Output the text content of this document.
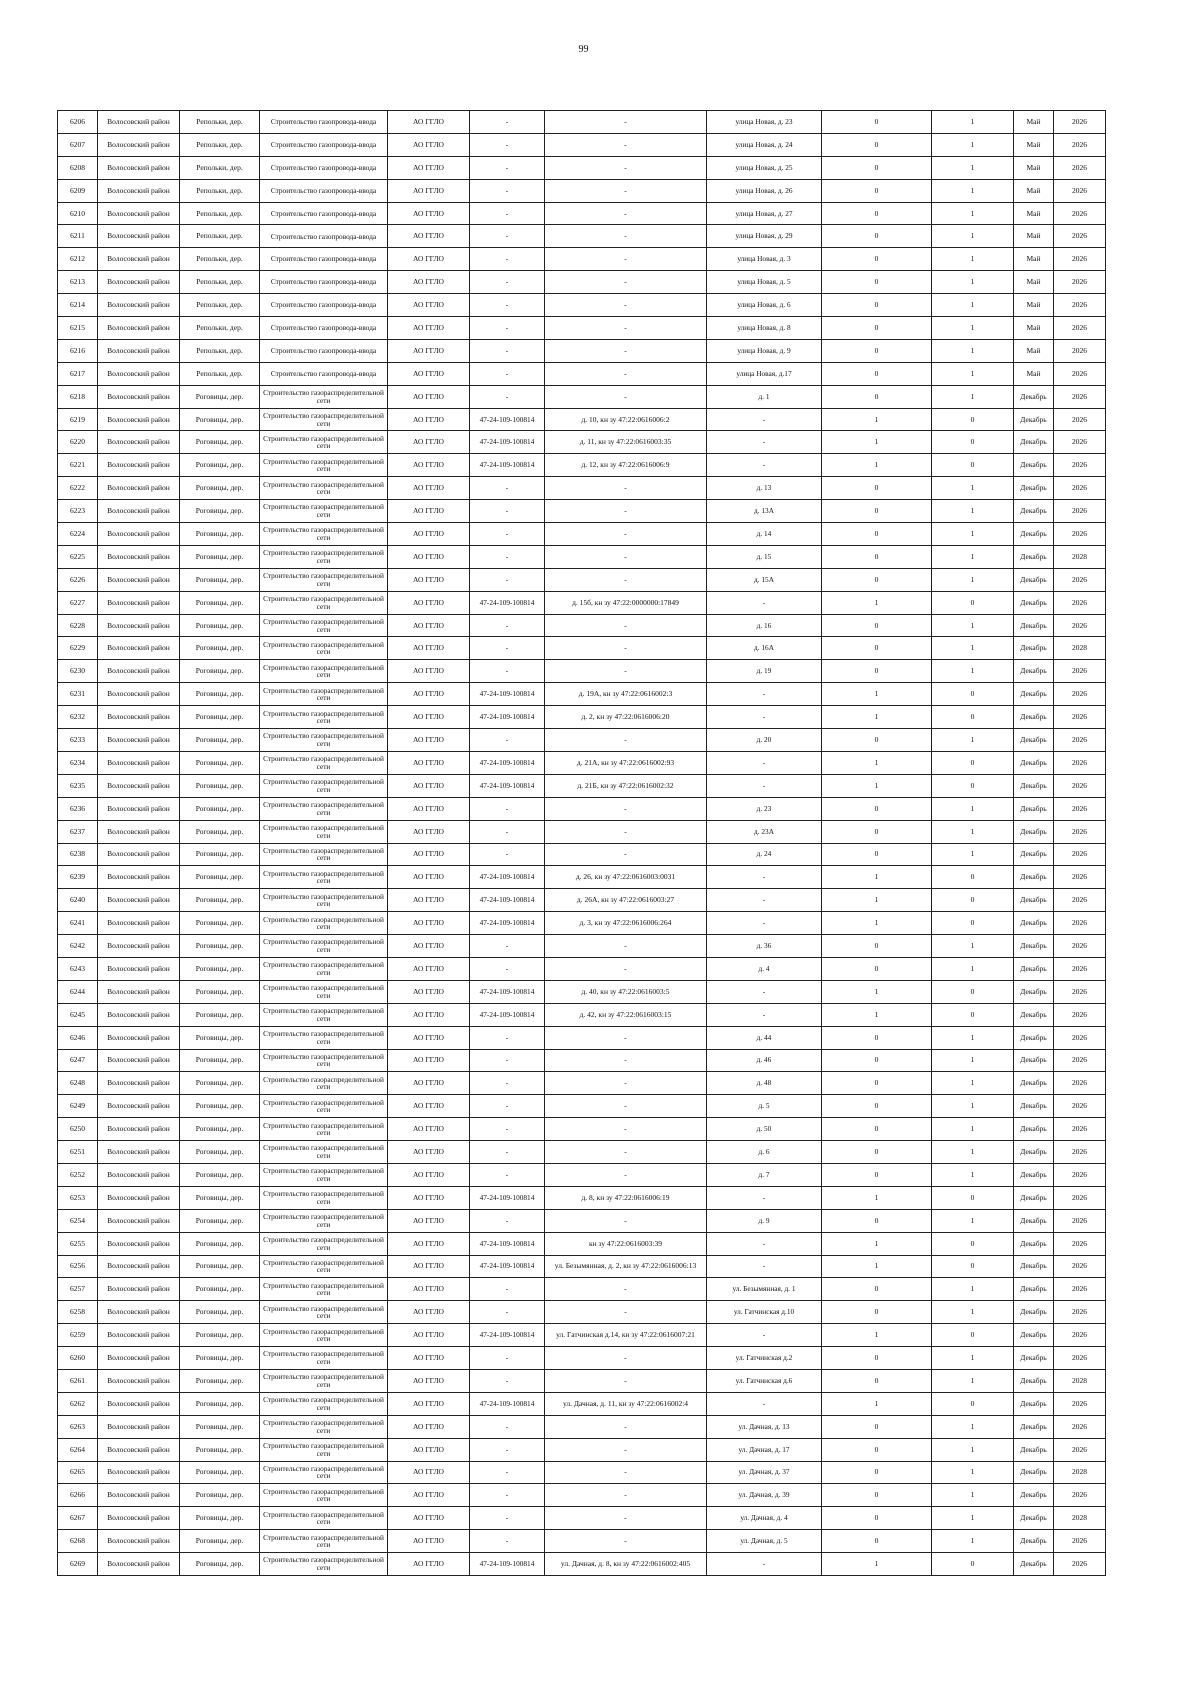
99
6206	Волосовский район	Репольки, дер.	Строительство газопровода-ввода	АО ГГЛО	-	-	улица Новая, д. 23	0	1	Май	2026
6207	Волосовский район	Репольки, дер.	Строительство газопровода-ввода	АО ГГЛО	-	-	улица Новая, д. 24	0	1	Май	2026
6208	Волосовский район	Репольки, дер.	Строительство газопровода-ввода	АО ГГЛО	-	-	улица Новая, д. 25	0	1	Май	2026
6209	Волосовский район	Репольки, дер.	Строительство газопровода-ввода	АО ГГЛО	-	-	улица Новая, д. 26	0	1	Май	2026
6210	Волосовский район	Репольки, дер.	Строительство газопровода-ввода	АО ГГЛО	-	-	улица Новая, д. 27	0	1	Май	2026
6211	Волосовский район	Репольки, дер.	Строительство газопровода-ввода	АО ГГЛО	-	-	улица Новая, д. 29	0	1	Май	2026
6212	Волосовский район	Репольки, дер.	Строительство газопровода-ввода	АО ГГЛО	-	-	улица Новая, д. 3	0	1	Май	2026
6213	Волосовский район	Репольки, дер.	Строительство газопровода-ввода	АО ГГЛО	-	-	улица Новая, д. 5	0	1	Май	2026
6214	Волосовский район	Репольки, дер.	Строительство газопровода-ввода	АО ГГЛО	-	-	улица Новая, д. 6	0	1	Май	2026
6215	Волосовский район	Репольки, дер.	Строительство газопровода-ввода	АО ГГЛО	-	-	улица Новая, д. 8	0	1	Май	2026
6216	Волосовский район	Репольки, дер.	Строительство газопровода-ввода	АО ГГЛО	-	-	улица Новая, д. 9	0	1	Май	2026
6217	Волосовский район	Репольки, дер.	Строительство газопровода-ввода	АО ГГЛО	-	-	улица Новая, д.17	0	1	Май	2026
6218	Волосовский район	Роговицы, дер.	Строительство газораспределительной сети	АО ГГЛО	-	-	д. 1	0	1	Декабрь	2026
6219	Волосовский район	Роговицы, дер.	Строительство газораспределительной сети	АО ГГЛО	47-24-109-100814	д. 10, кн зу 47:22:0616006:2	-	1	0	Декабрь	2026
6220	Волосовский район	Роговицы, дер.	Строительство газораспределительной сети	АО ГГЛО	47-24-109-100814	д. 11, кн зу 47:22:0616003:35	-	1	0	Декабрь	2026
6221	Волосовский район	Роговицы, дер.	Строительство газораспределительной сети	АО ГГЛО	47-24-109-100814	д. 12, кн зу 47:22:0616006:9	-	1	0	Декабрь	2026
6222	Волосовский район	Роговицы, дер.	Строительство газораспределительной сети	АО ГГЛО	-	-	д. 13	0	1	Декабрь	2026
6223	Волосовский район	Роговицы, дер.	Строительство газораспределительной сети	АО ГГЛО	-	-	д. 13А	0	1	Декабрь	2026
6224	Волосовский район	Роговицы, дер.	Строительство газораспределительной сети	АО ГГЛО	-	-	д. 14	0	1	Декабрь	2026
6225	Волосовский район	Роговицы, дер.	Строительство газораспределительной сети	АО ГГЛО	-	-	д. 15	0	1	Декабрь	2028
6226	Волосовский район	Роговицы, дер.	Строительство газораспределительной сети	АО ГГЛО	-	-	д. 15А	0	1	Декабрь	2026
6227	Волосовский район	Роговицы, дер.	Строительство газораспределительной сети	АО ГГЛО	47-24-109-100814	д. 15б, кн зу 47:22:0000000:17849	-	1	0	Декабрь	2026
6228	Волосовский район	Роговицы, дер.	Строительство газораспределительной сети	АО ГГЛО	-	-	д. 16	0	1	Декабрь	2026
6229	Волосовский район	Роговицы, дер.	Строительство газораспределительной сети	АО ГГЛО	-	-	д. 16А	0	1	Декабрь	2028
6230	Волосовский район	Роговицы, дер.	Строительство газораспределительной сети	АО ГГЛО	-	-	д. 19	0	1	Декабрь	2026
6231	Волосовский район	Роговицы, дер.	Строительство газораспределительной сети	АО ГГЛО	47-24-109-100814	д. 19А, кн зу 47:22:0616002:3	-	1	0	Декабрь	2026
6232	Волосовский район	Роговицы, дер.	Строительство газораспределительной сети	АО ГГЛО	47-24-109-100814	д. 2, кн зу 47:22:0616006:20	-	1	0	Декабрь	2026
6233	Волосовский район	Роговицы, дер.	Строительство газораспределительной сети	АО ГГЛО	-	-	д. 20	0	1	Декабрь	2026
6234	Волосовский район	Роговицы, дер.	Строительство газораспределительной сети	АО ГГЛО	47-24-109-100814	д. 21А, кн зу 47:22:0616002:93	-	1	0	Декабрь	2026
6235	Волосовский район	Роговицы, дер.	Строительство газораспределительной сети	АО ГГЛО	47-24-109-100814	д. 21Б, кн зу 47:22:0616002:32	-	1	0	Декабрь	2026
6236	Волосовский район	Роговицы, дер.	Строительство газораспределительной сети	АО ГГЛО	-	-	д. 23	0	1	Декабрь	2026
6237	Волосовский район	Роговицы, дер.	Строительство газораспределительной сети	АО ГГЛО	-	-	д. 23А	0	1	Декабрь	2026
6238	Волосовский район	Роговицы, дер.	Строительство газораспределительной сети	АО ГГЛО	-	-	д. 24	0	1	Декабрь	2026
6239	Волосовский район	Роговицы, дер.	Строительство газораспределительной сети	АО ГГЛО	47-24-109-100814	д. 26, кн зу 47:22:0616003:0031	-	1	0	Декабрь	2026
6240	Волосовский район	Роговицы, дер.	Строительство газораспределительной сети	АО ГГЛО	47-24-109-100814	д. 26А, кн зу 47:22:0616003:27	-	1	0	Декабрь	2026
6241	Волосовский район	Роговицы, дер.	Строительство газораспределительной сети	АО ГГЛО	47-24-109-100814	д. 3, кн зу 47:22:0616006:264	-	1	0	Декабрь	2026
6242	Волосовский район	Роговицы, дер.	Строительство газораспределительной сети	АО ГГЛО	-	-	д. 36	0	1	Декабрь	2026
6243	Волосовский район	Роговицы, дер.	Строительство газораспределительной сети	АО ГГЛО	-	-	д. 4	0	1	Декабрь	2026
6244	Волосовский район	Роговицы, дер.	Строительство газораспределительной сети	АО ГГЛО	47-24-109-100814	д. 40, кн зу 47:22:0616003:5	-	1	0	Декабрь	2026
6245	Волосовский район	Роговицы, дер.	Строительство газораспределительной сети	АО ГГЛО	47-24-109-100814	д. 42, кн зу 47:22:0616003:15	-	1	0	Декабрь	2026
6246	Волосовский район	Роговицы, дер.	Строительство газораспределительной сети	АО ГГЛО	-	-	д. 44	0	1	Декабрь	2026
6247	Волосовский район	Роговицы, дер.	Строительство газораспределительной сети	АО ГГЛО	-	-	д. 46	0	1	Декабрь	2026
6248	Волосовский район	Роговицы, дер.	Строительство газораспределительной сети	АО ГГЛО	-	-	д. 48	0	1	Декабрь	2026
6249	Волосовский район	Роговицы, дер.	Строительство газораспределительной сети	АО ГГЛО	-	-	д. 5	0	1	Декабрь	2026
6250	Волосовский район	Роговицы, дер.	Строительство газораспределительной сети	АО ГГЛО	-	-	д. 50	0	1	Декабрь	2026
6251	Волосовский район	Роговицы, дер.	Строительство газораспределительной сети	АО ГГЛО	-	-	д. 6	0	1	Декабрь	2026
6252	Волосовский район	Роговицы, дер.	Строительство газораспределительной сети	АО ГГЛО	-	-	д. 7	0	1	Декабрь	2026
6253	Волосовский район	Роговицы, дер.	Строительство газораспределительной сети	АО ГГЛО	47-24-109-100814	д. 8, кн зу 47:22:0616006:19	-	1	0	Декабрь	2026
6254	Волосовский район	Роговицы, дер.	Строительство газораспределительной сети	АО ГГЛО	-	-	д. 9	0	1	Декабрь	2026
6255	Волосовский район	Роговицы, дер.	Строительство газораспределительной сети	АО ГГЛО	47-24-109-100814	кн зу 47:22:0616003:39	-	1	0	Декабрь	2026
6256	Волосовский район	Роговицы, дер.	Строительство газораспределительной сети	АО ГГЛО	47-24-109-100814	ул. Безымянная, д. 2, кн зу 47:22:0616006:13	-	1	0	Декабрь	2026
6257	Волосовский район	Роговицы, дер.	Строительство газораспределительной сети	АО ГГЛО	-	-	ул. Безымянная, д. 1	0	1	Декабрь	2026
6258	Волосовский район	Роговицы, дер.	Строительство газораспределительной сети	АО ГГЛО	-	-	ул. Гатчинская д.10	0	1	Декабрь	2026
6259	Волосовский район	Роговицы, дер.	Строительство газораспределительной сети	АО ГГЛО	47-24-109-100814	ул. Гатчинская д.14, кн зу 47:22:0616007:21	-	1	0	Декабрь	2026
6260	Волосовский район	Роговицы, дер.	Строительство газораспределительной сети	АО ГГЛО	-	-	ул. Гатчинская д.2	0	1	Декабрь	2026
6261	Волосовский район	Роговицы, дер.	Строительство газораспределительной сети	АО ГГЛО	-	-	ул. Гатчинская д.6	0	1	Декабрь	2028
6262	Волосовский район	Роговицы, дер.	Строительство газораспределительной сети	АО ГГЛО	47-24-109-100814	ул. Дачная, д. 11, кн зу 47:22:0616002:4	-	1	0	Декабрь	2026
6263	Волосовский район	Роговицы, дер.	Строительство газораспределительной сети	АО ГГЛО	-	-	ул. Дачная, д. 13	0	1	Декабрь	2026
6264	Волосовский район	Роговицы, дер.	Строительство газораспределительной сети	АО ГГЛО	-	-	ул. Дачная, д. 17	0	1	Декабрь	2026
6265	Волосовский район	Роговицы, дер.	Строительство газораспределительной сети	АО ГГЛО	-	-	ул. Дачная, д. 37	0	1	Декабрь	2028
6266	Волосовский район	Роговицы, дер.	Строительство газораспределительной сети	АО ГГЛО	-	-	ул. Дачная, д. 39	0	1	Декабрь	2026
6267	Волосовский район	Роговицы, дер.	Строительство газораспределительной сети	АО ГГЛО	-	-	ул. Дачная, д. 4	0	1	Декабрь	2028
6268	Волосовский район	Роговицы, дер.	Строительство газораспределительной сети	АО ГГЛО	-	-	ул. Дачная, д. 5	0	1	Декабрь	2026
6269	Волосовский район	Роговицы, дер.	Строительство газораспределительной сети	АО ГГЛО	47-24-109-100814	ул. Дачная, д. 8, кн зу 47:22:0616002:405	-	1	0	Декабрь	2026
